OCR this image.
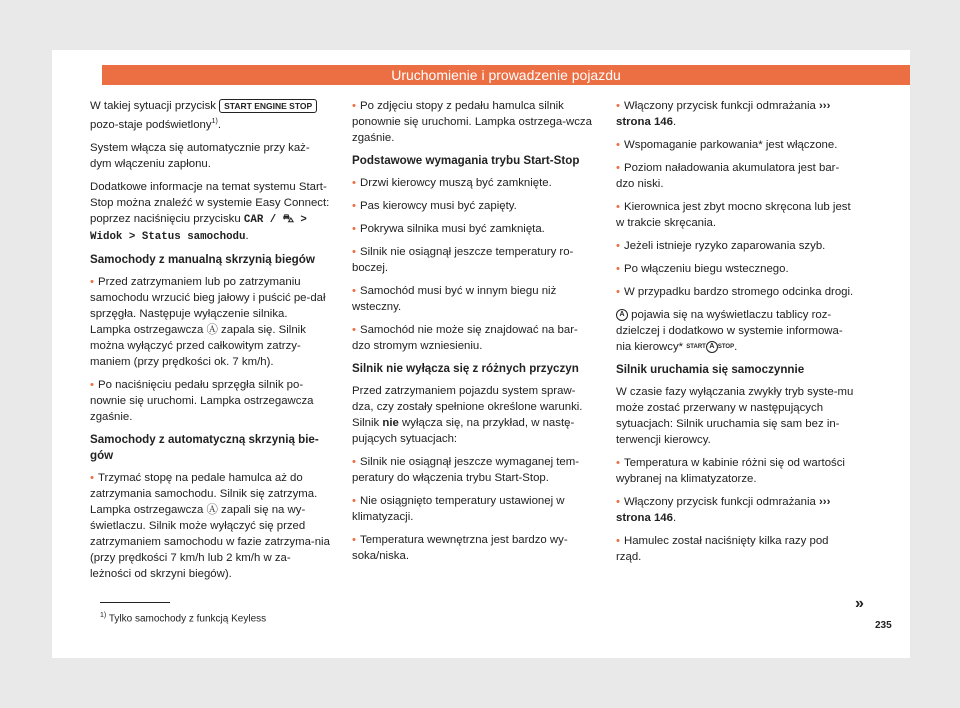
Uruchomienie i prowadzenie pojazdu

W takiej sytuacji przycisk START ENGINE STOP pozo-staje podświetlony$^{1)}$.

System włącza się automatycznie przy każ-dym włączeniu zapłonu.

Dodatkowe informacje na temat systemu Start-Stop można znaleźć w systemie Easy Connect: poprzez naciśnięciu przycisku CAR / ⛍ > Widok > Status samochodu.

Samochody z manualną skrzynią biegów

• Przed zatrzymaniem lub po zatrzymaniu samochodu wrzucić bieg jałowy i puścić pe-dał sprzęgła. Następuje wyłączenie silnika. Lampka ostrzegawcza Ⓐ zapala się. Silnik można wyłączyć przed całkowitym zatrzy-maniem (przy prędkości ok. 7 km/h).

• Po naciśnięciu pedału sprzęgła silnik po-nownie się uruchomi. Lampka ostrzegawcza zgaśnie.

Samochody z automatyczną skrzynią bie-gów

• Trzymać stopę na pedale hamulca aż do zatrzymania samochodu. Silnik się zatrzyma. Lampka ostrzegawcza Ⓐ zapali się na wy-świetlaczu. Silnik może wyłączyć się przed zatrzymaniem samochodu w fazie zatrzyma-nia (przy prędkości 7 km/h lub 2 km/h w za-leżności od skrzyni biegów).

• Po zdjęciu stopy z pedału hamulca silnik ponownie się uruchomi. Lampka ostrzega-wcza zgaśnie.

Podstawowe wymagania trybu Start-Stop

• Drzwi kierowcy muszą być zamknięte.

• Pas kierowcy musi być zapięty.

• Pokrywa silnika musi być zamknięta.

• Silnik nie osiągnął jeszcze temperatury ro-boczej.

• Samochód musi być w innym biegu niż wsteczny.

• Samochód nie może się znajdować na bar-dzo stromym wzniesieniu.

Silnik nie wyłącza się z różnych przyczyn

Przed zatrzymaniem pojazdu system spraw-dza, czy zostały spełnione określone warunki. Silnik nie wyłącza się, na przykład, w nastę-pujących sytuacjach:

• Silnik nie osiągnął jeszcze wymaganej tem-peratury do włączenia trybu Start-Stop.

• Nie osiągnięto temperatury ustawionej w klimatyzacji.

• Temperatura wewnętrzna jest bardzo wy-soka/niska.

• Włączony przycisk funkcji odmrażania ››› strona 146.

• Wspomaganie parkowania* jest włączone.

• Poziom naładowania akumulatora jest bar-dzo niski.

• Kierownica jest zbyt mocno skręcona lub jest w trakcie skręcania.

• Jeżeli istnieje ryzyko zaparowania szyb.

• Po włączeniu biegu wstecznego.

• W przypadku bardzo stromego odcinka drogi.

A pojawia się na wyświetlaczu tablicy roz-dzielczej i dodatkowo w systemie informowa-nia kierowcy* START A STOP.

Silnik uruchamia się samoczynnie

W czasie fazy wyłączania zwykły tryb syste-mu może zostać przerwany w następujących sytuacjach: Silnik uruchamia się sam bez in-terwencji kierowcy.

• Temperatura w kabinie różni się od wartości wybranej na klimatyzatorze.

• Włączony przycisk funkcji odmrażania ››› strona 146.

• Hamulec został naciśnięty kilka razy pod rząd.

»
$^{1)}$ Tylko samochody z funkcją Keyless
235
